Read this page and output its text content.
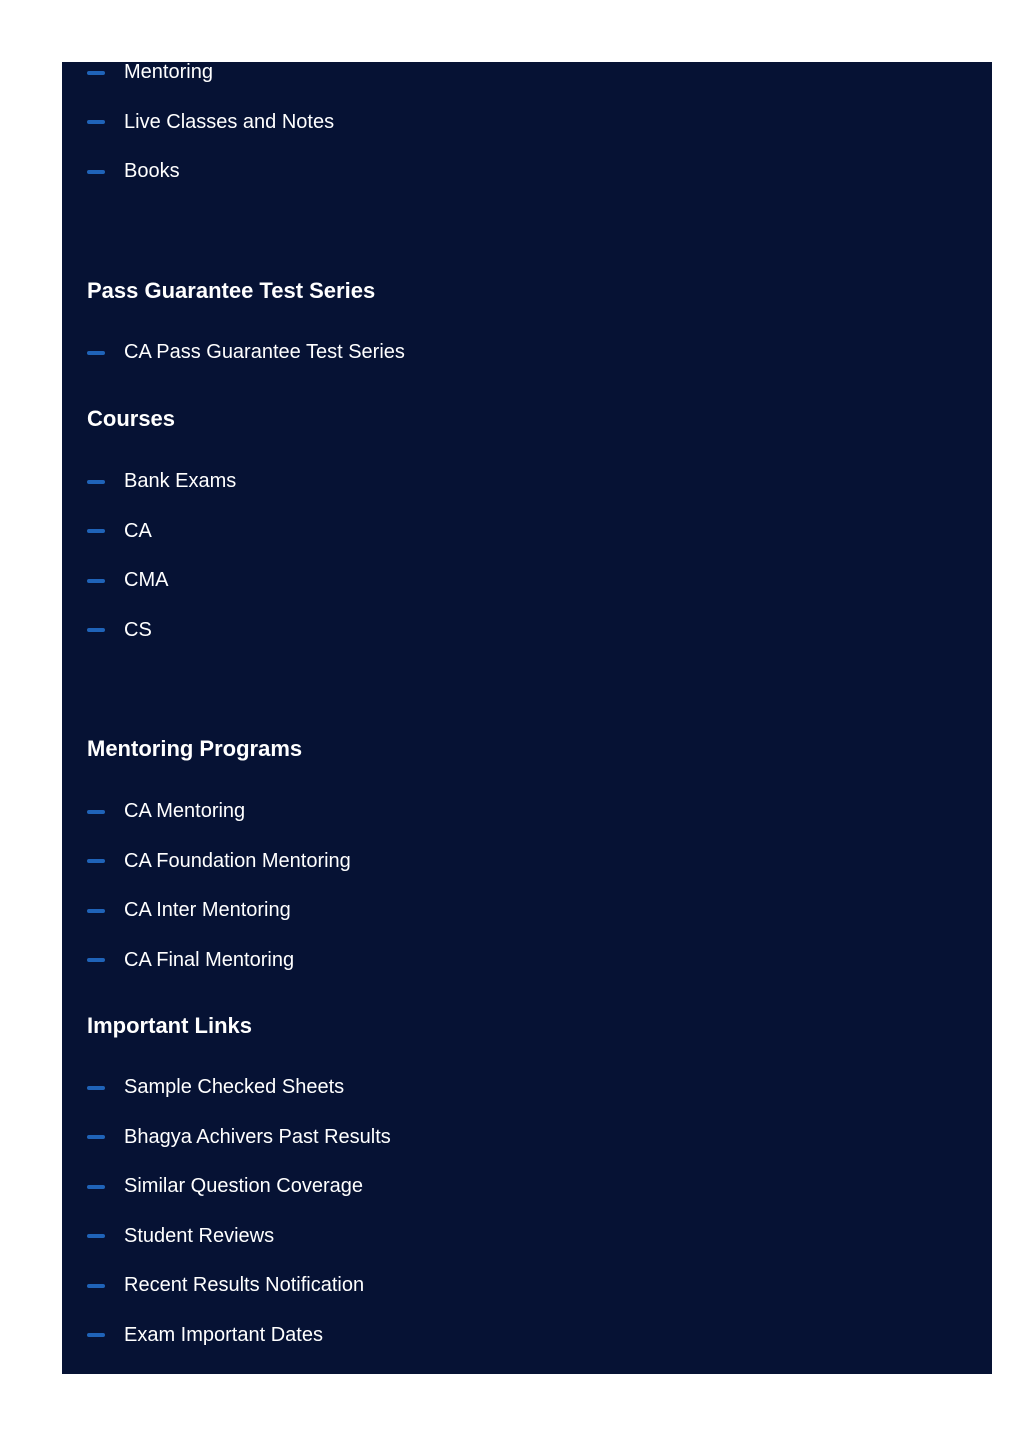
Mentoring
Live Classes and Notes
Books
Pass Guarantee Test Series
CA Pass Guarantee Test Series
Courses
Bank Exams
CA
CMA
CS
Mentoring Programs
CA Mentoring
CA Foundation Mentoring
CA Inter Mentoring
CA Final Mentoring
Important Links
Sample Checked Sheets
Bhagya Achivers Past Results
Similar Question Coverage
Student Reviews
Recent Results Notification
Exam Important Dates
